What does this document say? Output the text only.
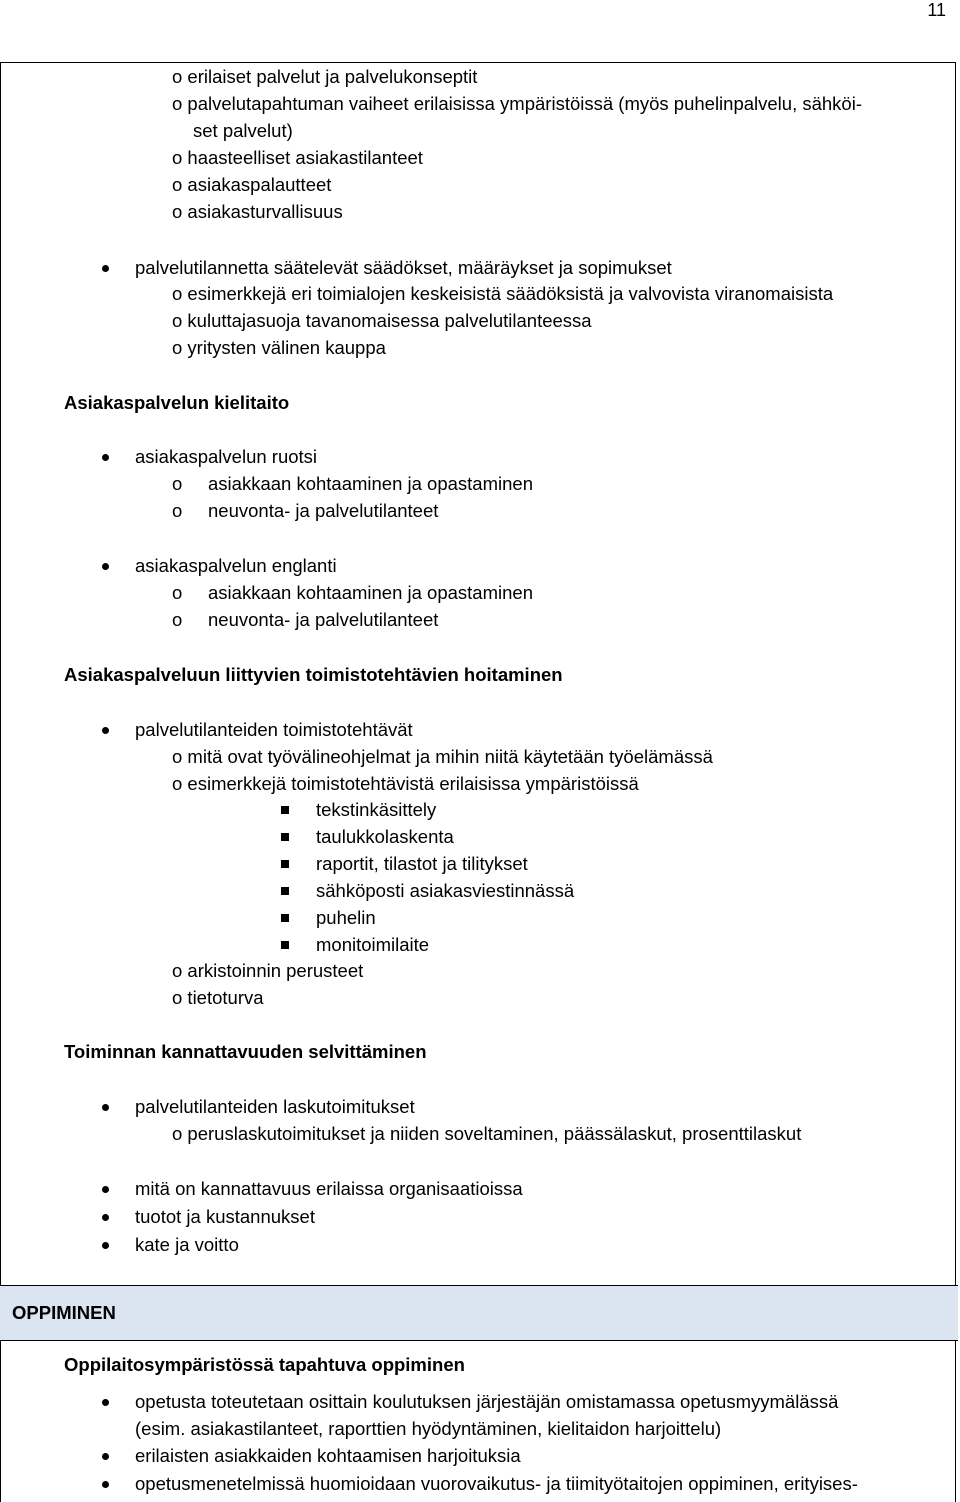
11
o erilaiset palvelut ja palvelukonseptit
o palvelutapahtuman vaiheet erilaisissa ympäristöissä (myös puhelinpalvelu, sähköi-
set palvelut)
o haasteelliset asiakastilanteet
o asiakaspalautteet
o asiakasturvallisuus
palvelutilannetta säätelevät säädökset, määräykset ja sopimukset
o esimerkkejä eri toimialojen keskeisistä säädöksistä ja valvovista viranomaisista
o kuluttajasuoja tavanomaisessa palvelutilanteessa
o yritysten välinen kauppa
Asiakaspalvelun kielitaito
asiakaspalvelun ruotsi
o asiakkaan kohtaaminen ja opastaminen
o neuvonta- ja palvelutilanteet
asiakaspalvelun englanti
o asiakkaan kohtaaminen ja opastaminen
o neuvonta- ja palvelutilanteet
Asiakaspalveluun liittyvien toimistotehtävien hoitaminen
palvelutilanteiden toimistotehtävät
o mitä ovat työvälineohjelmat ja mihin niitä käytetään työelämässä
o esimerkkejä toimistotehtävistä erilaisissa ympäristöissä
tekstinkäsittely
taulukkolaskenta
raportit, tilastot ja tilitykset
sähköposti asiakasviestinnässä
puhelin
monitoimilaite
o arkistoinnin perusteet
o tietoturva
Toiminnan kannattavuuden selvittäminen
palvelutilanteiden laskutoimitukset
o peruslaskutoimitukset ja niiden soveltaminen, päässälaskut, prosenttilaskut
mitä on kannattavuus erilaissa organisaatioissa
tuotot ja kustannukset
kate ja voitto
OPPIMINEN
Oppilaitosympäristössä tapahtuva oppiminen
opetusta toteutetaan osittain koulutuksen järjestäjän omistamassa opetusmyymälässä
(esim. asiakastilanteet, raporttien hyödyntäminen, kielitaidon harjoittelu)
erilaisten asiakkaiden kohtaamisen harjoituksia
opetusmenetelmissä huomioidaan vuorovaikutus- ja tiimityötaitojen oppiminen, erityises-
